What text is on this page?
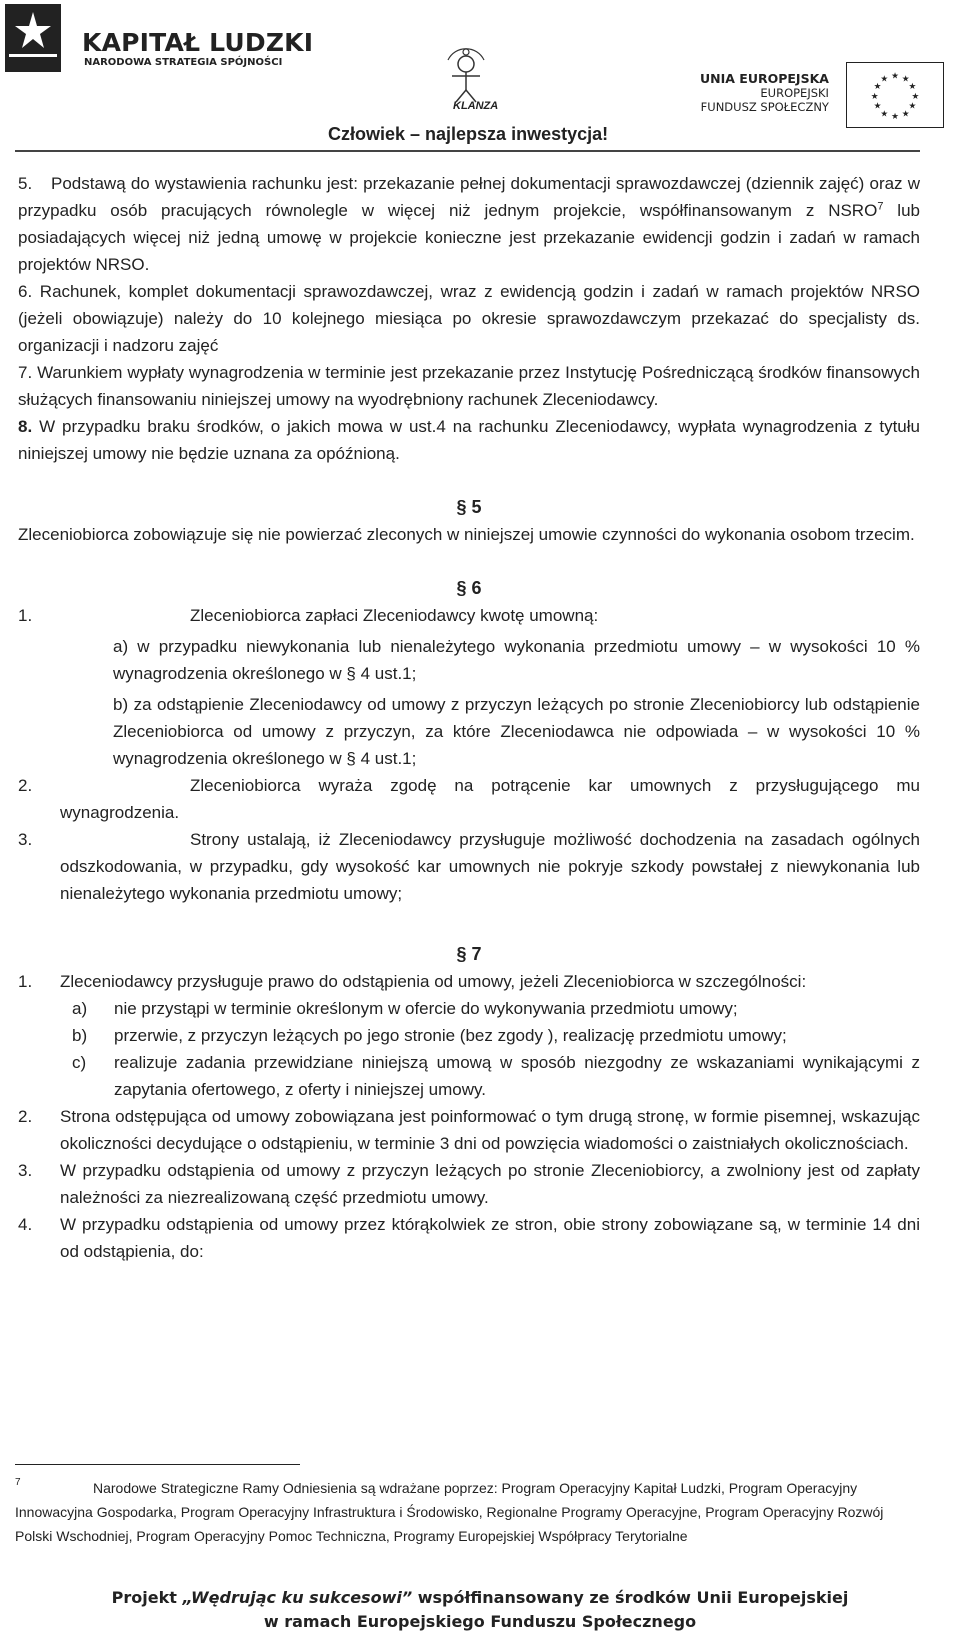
KAPITAŁ LUDZKI
NARODOWA STRATEGIA SPÓJNOŚCI
KLANZA
UNIA EUROPEJSKA
EUROPEJSKI
FUNDUSZ SPOŁECZNY
★ ★
★
★
★
★
★
★
★
★
★
★
Człowiek – najlepsza inwestycja!
5.	Podstawą do wystawienia rachunku jest: przekazanie pełnej dokumentacji sprawozdawczej (dziennik zajęć) oraz w przypadku osób pracujących równolegle w więcej niż jednym projekcie, współfinansowanym z NSRO$^7$ lub posiadających więcej niż jedną umowę w projekcie konieczne jest przekazanie ewidencji godzin i zadań w ramach projektów NRSO.
6. Rachunek, komplet dokumentacji sprawozdawczej, wraz z ewidencją godzin i zadań w ramach projektów NRSO (jeżeli obowiązuje) należy do 10 kolejnego miesiąca po okresie sprawozdawczym przekazać do specjalisty ds. organizacji i nadzoru zajęć
7. Warunkiem wypłaty wynagrodzenia w terminie jest przekazanie przez Instytucję Pośredniczącą środków finansowych służących finansowaniu niniejszej umowy na wyodrębniony rachunek Zleceniodawcy.
8. W przypadku braku środków, o jakich mowa w ust.4 na rachunku Zleceniodawcy, wypłata wynagrodzenia z tytułu niniejszej umowy nie będzie uznana za opóźnioną.

§ 5

Zleceniobiorca zobowiązuje się nie powierzać zleconych w niniejszej umowie czynności do wykonania osobom trzecim.

§ 6

1.	Zleceniobiorca zapłaci Zleceniodawcy kwotę umowną:

a) w przypadku niewykonania lub nienależytego wykonania przedmiotu umowy – w wysokości 10 % wynagrodzenia określonego w § 4 ust.1;

b) za odstąpienie Zleceniodawcy od umowy z przyczyn leżących po stronie Zleceniobiorcy lub odstąpienie Zleceniobiorca od umowy z przyczyn, za które Zleceniodawca nie odpowiada – w wysokości 10 % wynagrodzenia określonego w § 4 ust.1;

2.	Zleceniobiorca wyraża zgodę na potrącenie kar umownych z przysługującego mu wynagrodzenia.
3.	Strony ustalają, iż Zleceniodawcy przysługuje możliwość dochodzenia na zasadach ogólnych odszkodowania, w przypadku, gdy wysokość kar umownych nie pokryje szkody powstałej z niewykonania lub nienależytego wykonania przedmiotu umowy;

§ 7

1.	Zleceniodawcy przysługuje prawo do odstąpienia od umowy, jeżeli Zleceniobiorca w szczególności:
a)	nie przystąpi w terminie określonym w ofercie do wykonywania przedmiotu umowy;
b)	przerwie, z przyczyn leżących po jego stronie (bez zgody ), realizację przedmiotu umowy;
c)	realizuje zadania przewidziane niniejszą umową w sposób niezgodny ze wskazaniami wynikającymi z zapytania ofertowego, z oferty i niniejszej umowy.
2.	Strona odstępująca od umowy zobowiązana jest poinformować o tym drugą stronę, w formie pisemnej, wskazując okoliczności decydujące o odstąpieniu, w terminie 3 dni od powzięcia wiadomości o zaistniałych okolicznościach.
3.	W przypadku odstąpienia od umowy z przyczyn leżących po stronie Zleceniobiorcy, a zwolniony jest od zapłaty należności za niezrealizowaną część przedmiotu umowy.
4.	W przypadku odstąpienia od umowy przez którąkolwiek ze stron, obie strony zobowiązane są, w terminie 14 dni od odstąpienia, do:
7	Narodowe Strategiczne Ramy Odniesienia są wdrażane poprzez: Program Operacyjny Kapitał Ludzki, Program Operacyjny Innowacyjna Gospodarka, Program Operacyjny Infrastruktura i Środowisko, Regionalne Programy Operacyjne, Program Operacyjny Rozwój Polski Wschodniej, Program Operacyjny Pomoc Techniczna, Programy Europejskiej Współpracy Terytorialne
Projekt „Wędrując ku sukcesowi” współfinansowany ze środków Unii Europejskiej
w ramach Europejskiego Funduszu Społecznego
